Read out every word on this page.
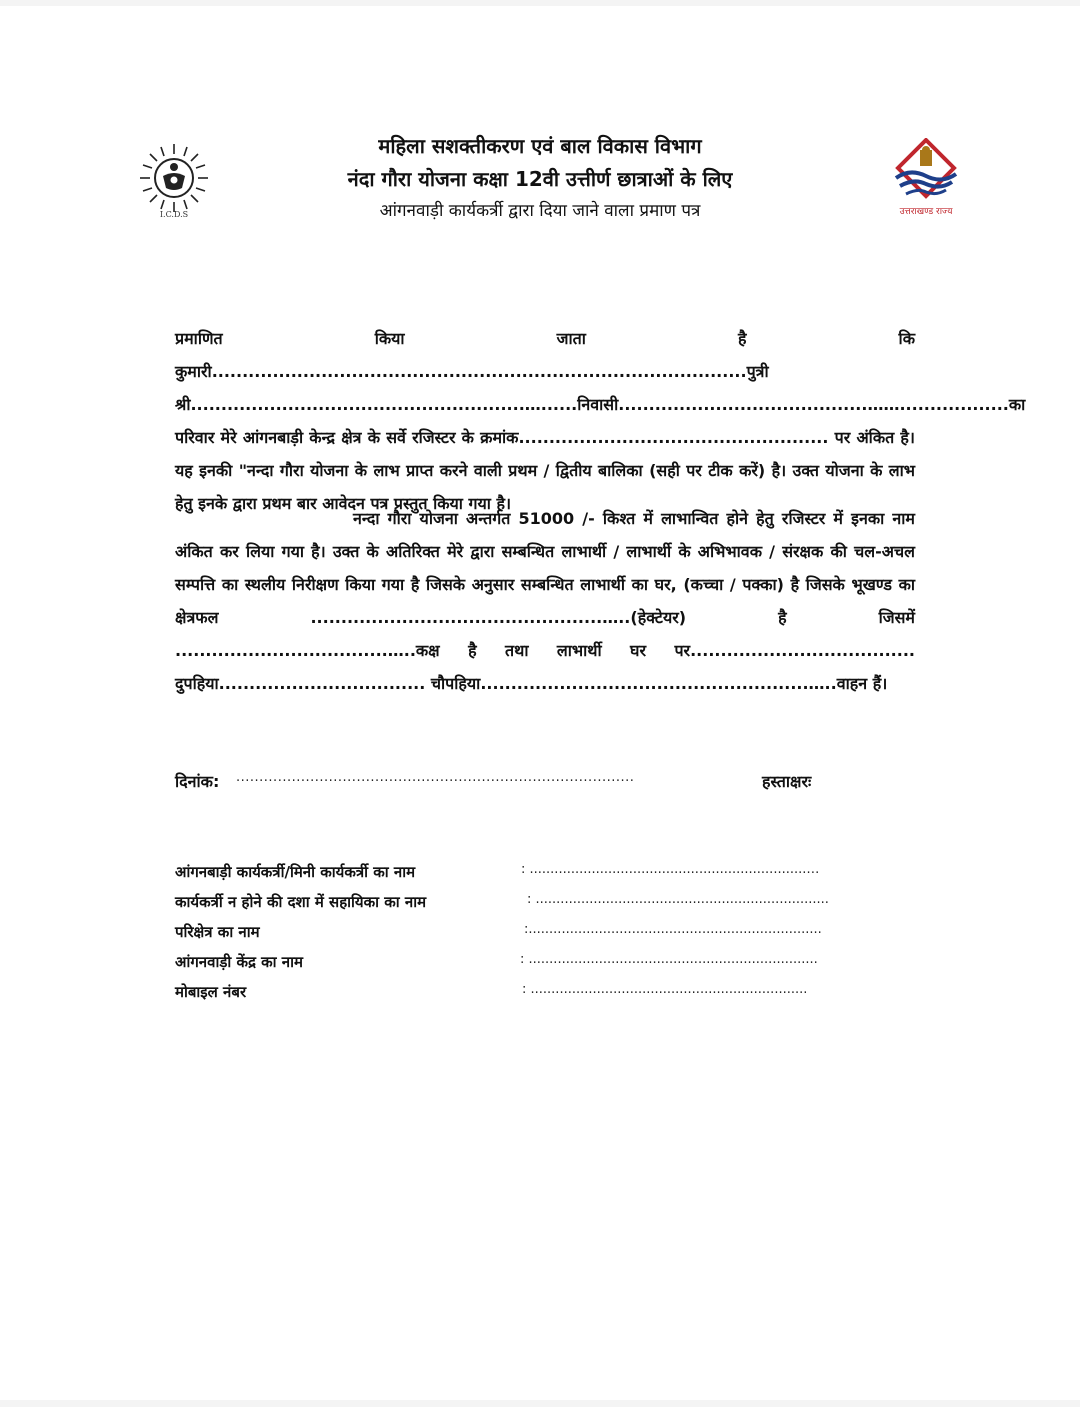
I.C.D.S	उत्तराखण्ड राज्य
महिला सशक्तीकरण एवं बाल विकास विभाग
नंदा गौरा योजना कक्षा 12वी उत्तीर्ण छात्राओं के लिए
आंगनवाड़ी कार्यकर्त्री द्वारा दिया जाने वाला प्रमाण पत्र
प्रमाणित किया जाता है कि कुमारी........................................................................................पुत्री श्री.......................................................…......निवासी.........................................……..................का परिवार मेरे आंगनबाड़ी केन्द्र क्षेत्र के सर्वे रजिस्टर के क्रमांक................................................... पर अंकित है। यह इनकी "नन्दा गौरा योजना के लाभ प्राप्त करने वाली प्रथम / द्वितीय बालिका (सही पर टीक करें) है। उक्त योजना के लाभ हेतु इनके द्वारा प्रथम बार आवेदन पत्र प्रस्तुत किया गया है।
नन्दा गौरा योजना अन्तर्गत 51000 /- किश्त में लाभान्वित होने हेतु रजिस्टर में इनका नाम अंकित कर लिया गया है। उक्त के अतिरिक्त मेरे द्वारा सम्बन्धित लाभार्थी / लाभार्थी के अभिभावक / संरक्षक की चल-अचल सम्पत्ति का स्थलीय निरीक्षण किया गया है जिसके अनुसार सम्बन्धित लाभार्थी का घर, (कच्चा / पक्का) है जिसके भूखण्ड का क्षेत्रफल ................................................…..(हेक्टेयर) है जिसमें ...................................…..कक्ष है तथा लाभार्थी घर पर..................................... दुपहिया.................................. चौपहिया......................................................…..वाहन हैं।
दिनांक: ......................................................................................	हस्ताक्षरः
आंगनबाड़ी कार्यकर्त्री/मिनी कार्यकर्त्री का नाम	: ...................................................................…
कार्यकर्त्री न होने की दशा में सहायिका का नाम	: .......................................................................
परिक्षेत्र का नाम	:.......................................................................
आंगनवाड़ी केंद्र का नाम	: ......................................................................
मोबाइल नंबर	: ...................................................................
